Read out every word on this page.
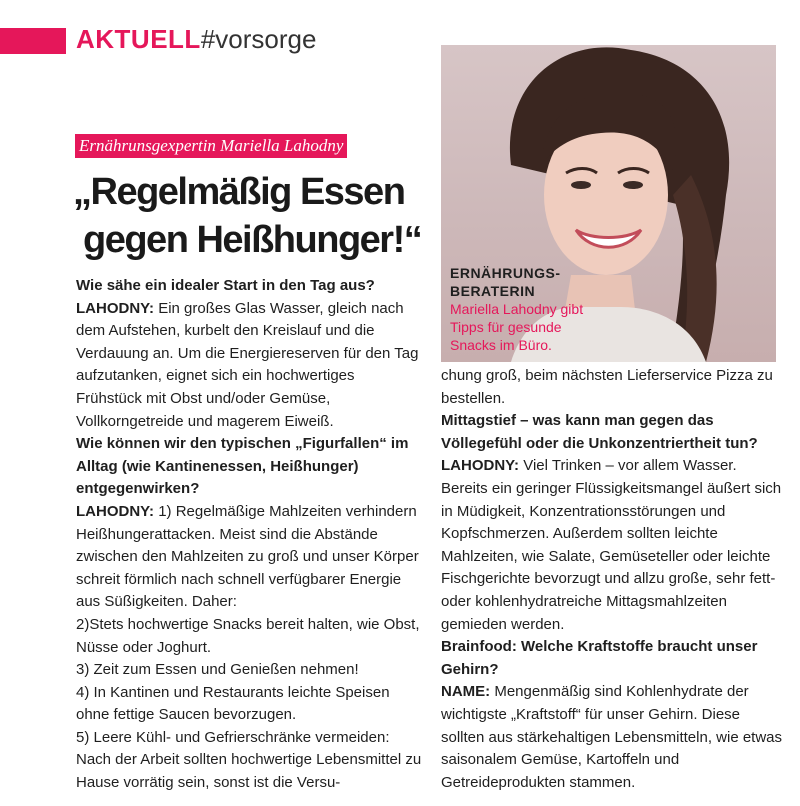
AKTUELL#vorsorge
ERNÄHRUNGS-BERATERIN
Mariella Lahodny gibt Tipps für gesunde Snacks im Büro.
Ernährunsgexpertin Mariella Lahodny
„Regelmäßig Essen
gegen Heißhunger!“

Wie sähe ein idealer Start in den Tag aus?

LAHODNY: Ein großes Glas Wasser, gleich nach dem Aufstehen, kurbelt den Kreislauf und die Verdauung an. Um die Energiereserven für den Tag aufzutanken, eignet sich ein hochwertiges Frühstück mit Obst und/oder Gemüse, Vollkorngetreide und magerem Eiweiß.

Wie können wir den typischen „Figurfallen“ im Alltag (wie Kantinenessen, Heißhunger) entgegenwirken?

LAHODNY: 1) Regelmäßige Mahlzeiten verhindern Heißhungerattacken. Meist sind die Abstände zwischen den Mahlzeiten zu groß und unser Körper schreit förmlich nach schnell verfügbarer Energie aus Süßigkeiten. Daher:

2)Stets hochwertige Snacks bereit halten, wie Obst, Nüsse oder Joghurt.

3) Zeit zum Essen und Genießen nehmen!

4) In Kantinen und Restaurants leichte Speisen ohne fettige Saucen bevorzugen.

5) Leere Kühl- und Gefrierschränke vermeiden: Nach der Arbeit sollten hochwertige Lebensmittel zu Hause vorrätig sein, sonst ist die Versu-

chung groß, beim nächsten Lieferservice Pizza zu bestellen.

Mittagstief – was kann man gegen das Völlegefühl oder die Unkonzentriertheit tun?

LAHODNY: Viel Trinken – vor allem Wasser. Bereits ein geringer Flüssigkeitsmangel äußert sich in Müdigkeit, Konzentrationsstörungen und Kopfschmerzen. Außerdem sollten leichte Mahlzeiten, wie Salate, Gemüseteller oder leichte Fischgerichte bevorzugt und allzu große, sehr fett- oder kohlenhydratreiche Mittagsmahlzeiten gemieden werden.

Brainfood: Welche Kraftstoffe braucht unser Gehirn?

NAME: Mengenmäßig sind Kohlenhydrate der wichtigste „Kraftstoff“ für unser Gehirn. Diese sollten aus stärkehaltigen Lebensmitteln, wie etwas saisonalem Gemüse, Kartoffeln und Getreideprodukten stammen.
